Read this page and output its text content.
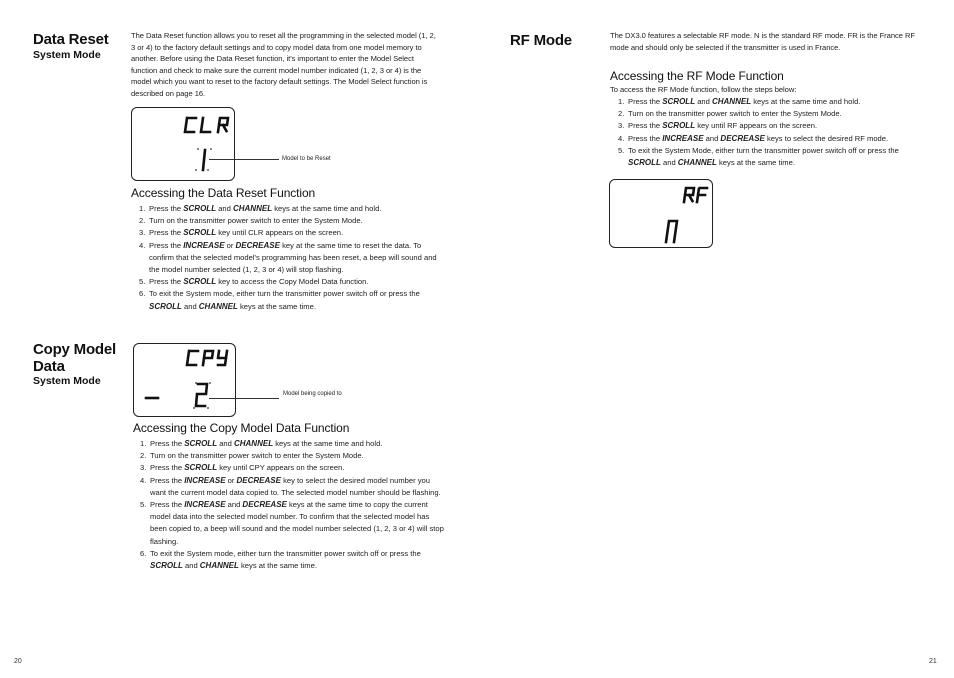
Data Reset
System Mode

The Data Reset function allows you to reset all the programming in the selected model (1, 2, 3 or 4) to the factory default settings and to copy model data from one model memory to another. Before using the Data Reset function, it's important to enter the Model Select function and check to make sure the current model number indicated (1, 2, 3 or 4) is the model which you want to reset to the factory default settings. The Model Select function is described on page 16.

Model to be Reset
Accessing the Data Reset Function
1. Press the SCROLL and CHANNEL keys at the same time and hold.
2. Turn on the transmitter power switch to enter the System Mode.
3. Press the SCROLL key until CLR appears on the screen.
4. Press the INCREASE or DECREASE key at the same time to reset the data. To confirm that the selected model's programming has been reset, a beep will sound and the model number selected (1, 2, 3 or 4) will stop flashing.
5. Press the SCROLL key to access the Copy Model Data function.
6. To exit the System mode, either turn the transmitter power switch off or press the SCROLL and CHANNEL keys at the same time.
Copy Model
Data
System Mode
Model being copied to
Accessing the Copy Model Data Function
1. Press the SCROLL and CHANNEL keys at the same time and hold.
2. Turn on the transmitter power switch to enter the System Mode.
3. Press the SCROLL key until CPY appears on the screen.
4. Press the INCREASE or DECREASE key to select the desired model number you want the current model data copied to. The selected model number should be flashing.
5. Press the INCREASE and DECREASE keys at the same time to copy the current model data into the selected model number. To confirm that the selected model has been copied to, a beep will sound and the model number selected (1, 2, 3 or 4) will stop flashing.
6. To exit the System mode, either turn the transmitter power switch off or press the SCROLL and CHANNEL keys at the same time.
20
RF Mode	The DX3.0 features a selectable RF mode. N is the standard RF mode. FR is the France RF mode and should only be selected if the transmitter is used in France.

Accessing the RF Mode Function

To access the RF Mode function, follow the steps below:

1. Press the SCROLL and CHANNEL keys at the same time and hold.
2. Turn on the transmitter power switch to enter the System Mode.
3. Press the SCROLL key until RF appears on the screen.
4. Press the INCREASE and DECREASE keys to select the desired RF mode.
5. To exit the System Mode, either turn the transmitter power switch off or press the SCROLL and CHANNEL keys at the same time.
21
